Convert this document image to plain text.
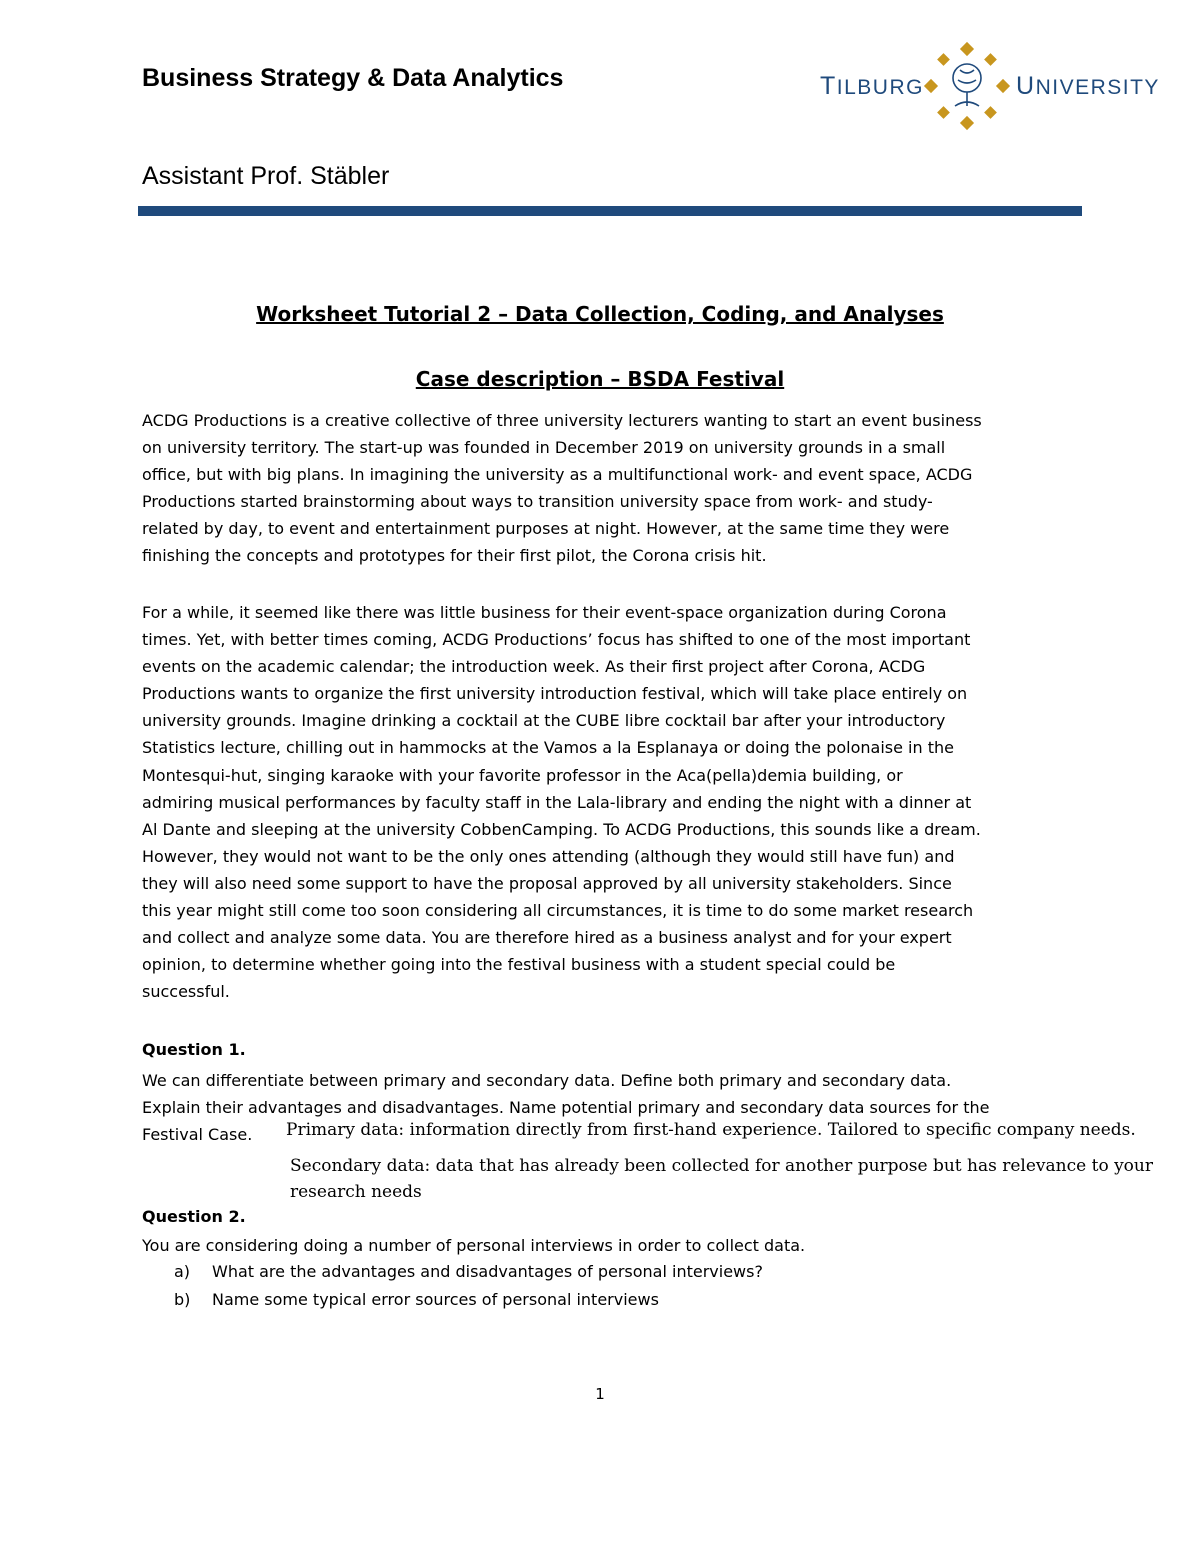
Business Strategy & Data Analytics	TILBURG	UNIVERSITY
Assistant Prof. Stäbler
Worksheet Tutorial 2 – Data Collection, Coding, and Analyses
Case description – BSDA Festival
ACDG Productions is a creative collective of three university lecturers wanting to start an event business
on university territory. The start-up was founded in December 2019 on university grounds in a small
office, but with big plans. In imagining the university as a multifunctional work- and event space, ACDG
Productions started brainstorming about ways to transition university space from work- and study-
related by day, to event and entertainment purposes at night. However, at the same time they were
finishing the concepts and prototypes for their first pilot, the Corona crisis hit.
For a while, it seemed like there was little business for their event-space organization during Corona
times. Yet, with better times coming, ACDG Productions’ focus has shifted to one of the most important
events on the academic calendar; the introduction week. As their first project after Corona, ACDG
Productions wants to organize the first university introduction festival, which will take place entirely on
university grounds. Imagine drinking a cocktail at the CUBE libre cocktail bar after your introductory
Statistics lecture, chilling out in hammocks at the Vamos a la Esplanaya or doing the polonaise in the
Montesqui-hut, singing karaoke with your favorite professor in the Aca(pella)demia building, or
admiring musical performances by faculty staff in the Lala-library and ending the night with a dinner at
Al Dante and sleeping at the university CobbenCamping. To ACDG Productions, this sounds like a dream.
However, they would not want to be the only ones attending (although they would still have fun) and
they will also need some support to have the proposal approved by all university stakeholders. Since
this year might still come too soon considering all circumstances, it is time to do some market research
and collect and analyze some data. You are therefore hired as a business analyst and for your expert
opinion, to determine whether going into the festival business with a student special could be
successful.
Question 1.
We can differentiate between primary and secondary data. Define both primary and secondary data.
Explain their advantages and disadvantages. Name potential primary and secondary data sources for the
Festival Case.	Primary data: information directly from first-hand experience. Tailored to specific company needs.
Secondary data: data that has already been collected for another purpose but has relevance to your
research needs
Question 2.
You are considering doing a number of personal interviews in order to collect data.
a) What are the advantages and disadvantages of personal interviews?
b) Name some typical error sources of personal interviews
1
